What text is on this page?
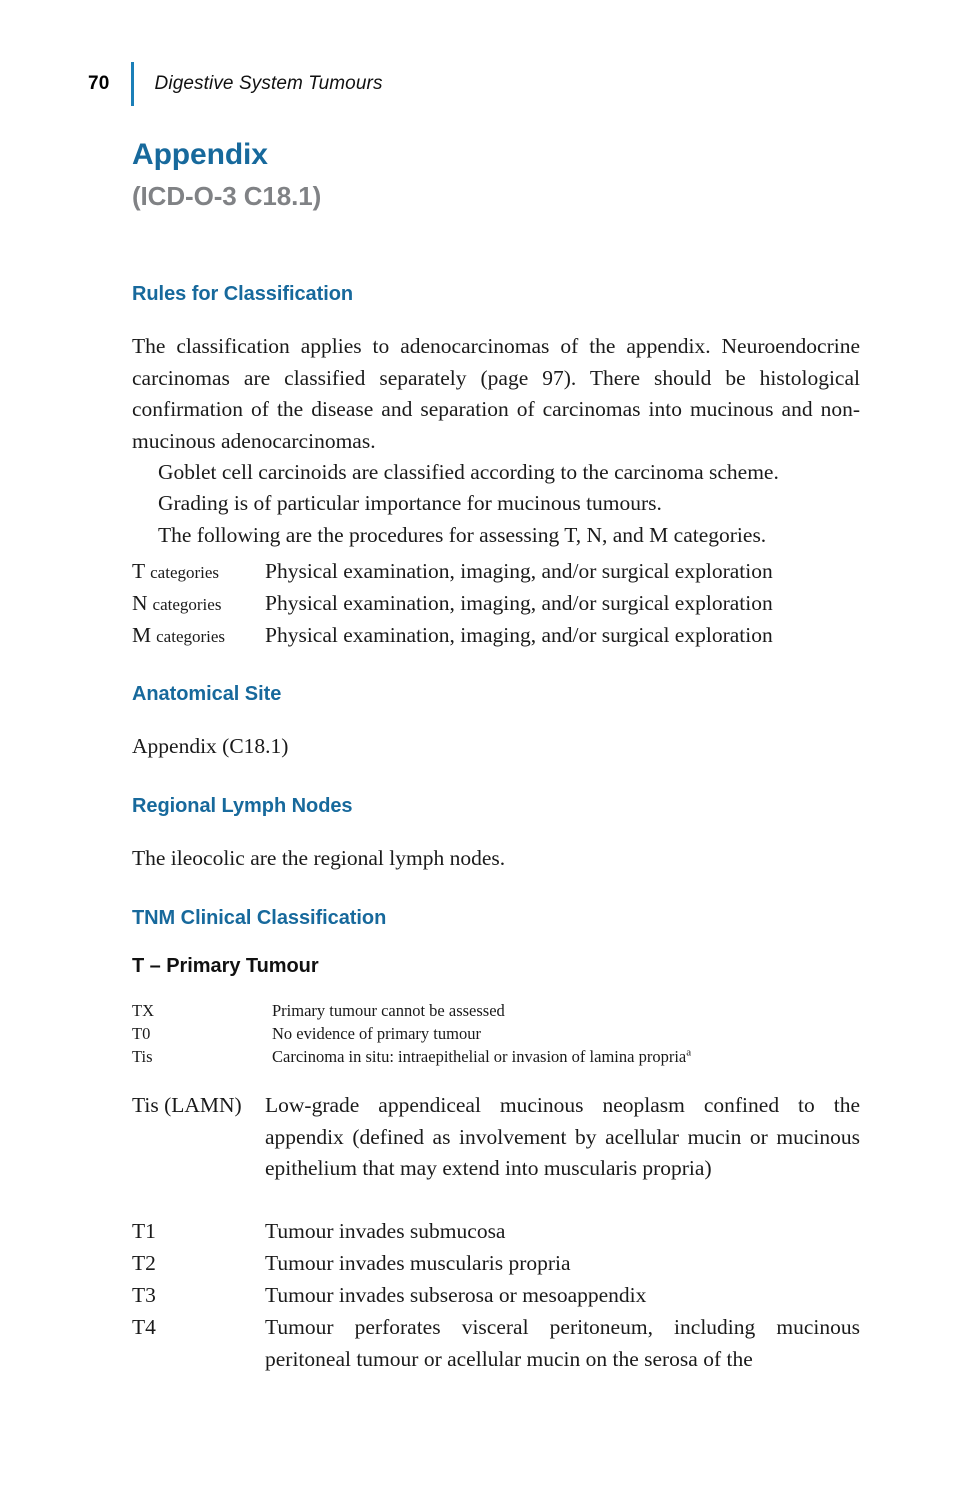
70 Digestive System Tumours
Appendix
(ICD-O-3 C18.1)
Rules for Classification

The classification applies to adenocarcinomas of the appendix. Neuroendocrine carcinomas are classified separately (page 97). There should be histological confirmation of the disease and separation of carcinomas into mucinous and non-mucinous adenocarcinomas.

Goblet cell carcinoids are classified according to the carcinoma scheme.

Grading is of particular importance for mucinous tumours.

The following are the procedures for assessing T, N, and M categories.

T categories	Physical examination, imaging, and/or surgical exploration
N categories	Physical examination, imaging, and/or surgical exploration
M categories	Physical examination, imaging, and/or surgical exploration
Anatomical Site

Appendix (C18.1)

Regional Lymph Nodes

The ileocolic are the regional lymph nodes.

TNM Clinical Classification
T – Primary Tumour
TX	Primary tumour cannot be assessed
T0	No evidence of primary tumour
Tis	Carcinoma in situ: intraepithelial or invasion of lamina propria$^a$
Tis (LAMN)	Low-grade appendiceal mucinous neoplasm confined to the appendix (defined as involvement by acellular mucin or mucinous epithelium that may extend into muscularis propria)
T1	Tumour invades submucosa
T2	Tumour invades muscularis propria
T3	Tumour invades subserosa or mesoappendix
T4	Tumour perforates visceral peritoneum, including mucinous peritoneal tumour or acellular mucin on the serosa of the
